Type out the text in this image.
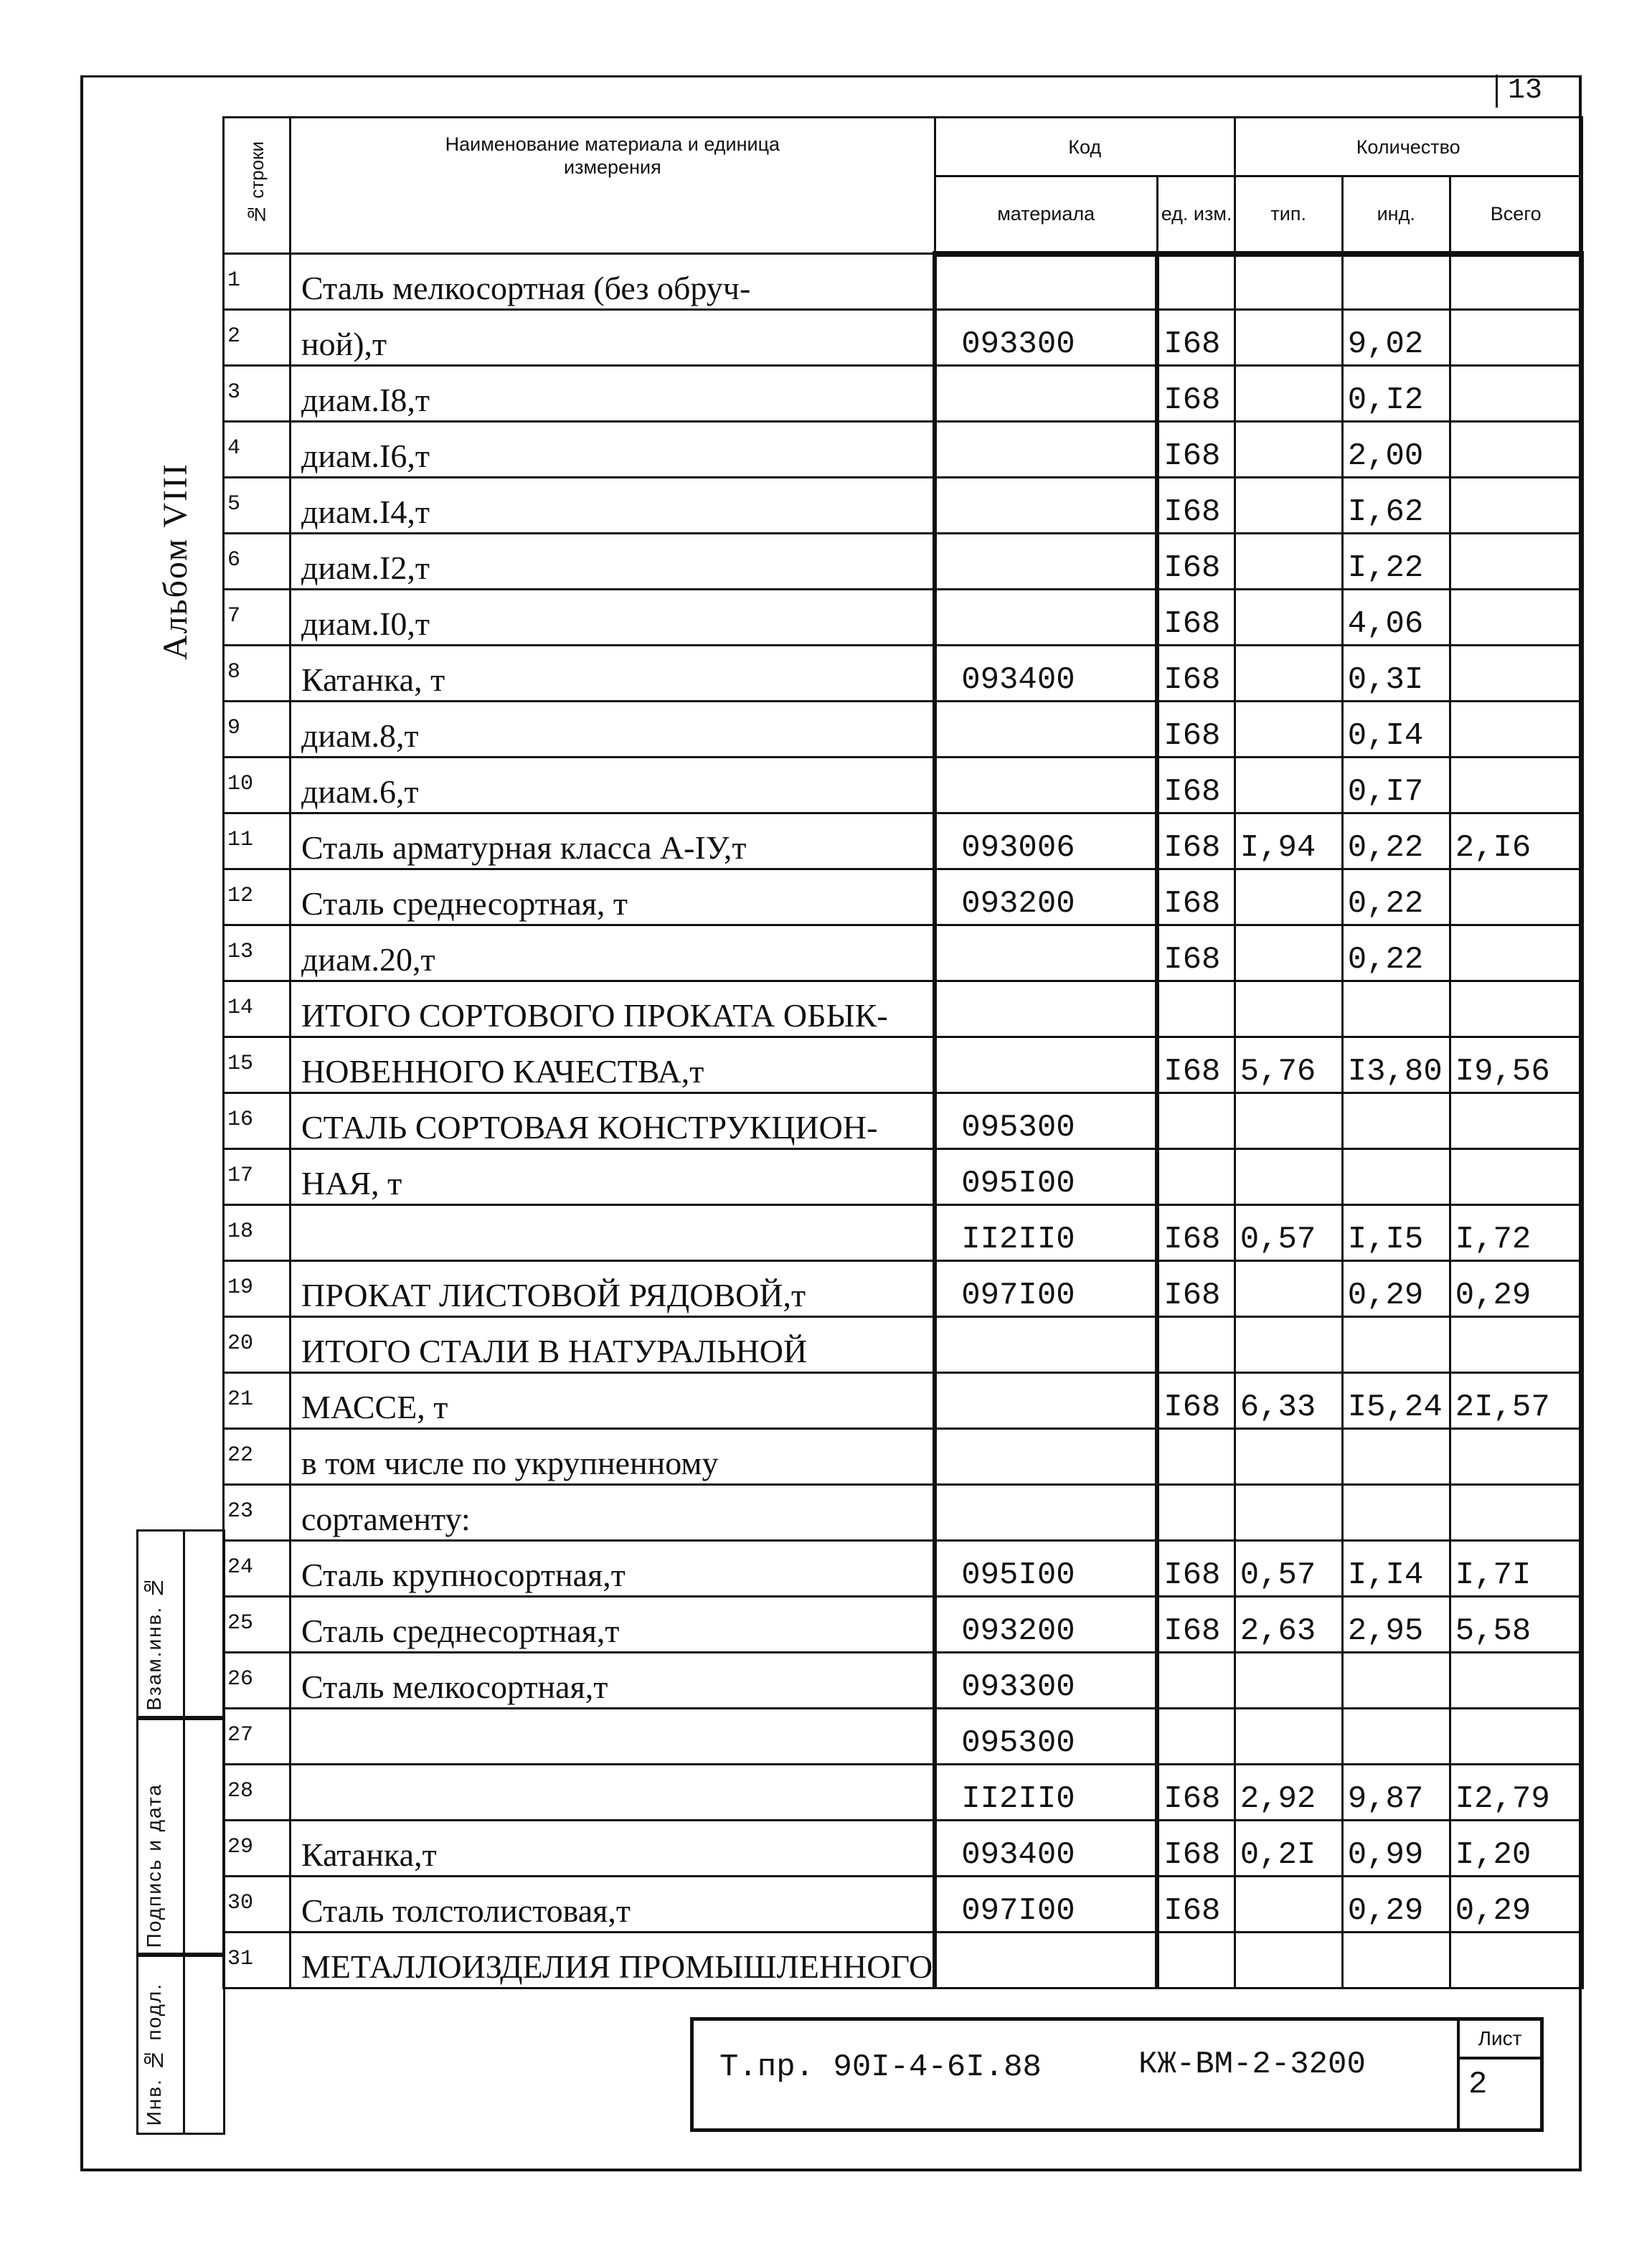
13
Альбом VIII
№ строки	Наименование материала и единица измерения	Код		Количество		
		материала	ед. изм.	тип.	инд.	Всего
1	Сталь мелкосортная (без обруч-					
2	ной),т	093300	I68		9,02	
3	диам.I8,т		I68		0,I2	
4	диам.I6,т		I68		2,00	
5	диам.I4,т		I68		I,62	
6	диам.I2,т		I68		I,22	
7	диам.I0,т		I68		4,06	
8	Катанка, т	093400	I68		0,3I	
9	диам.8,т		I68		0,I4	
10	диам.6,т		I68		0,I7	
11	Сталь арматурная класса А-IУ,т	093006	I68	I,94	0,22	2,I6
12	Сталь среднесортная, т	093200	I68		0,22	
13	диам.20,т		I68		0,22	
14	ИТОГО СОРТОВОГО ПРОКАТА ОБЫК-					
15	НОВЕННОГО КАЧЕСТВА,т		I68	5,76	I3,80	I9,56
16	СТАЛЬ СОРТОВАЯ КОНСТРУКЦИОН-	095300				
17	НАЯ, т	095I00				
18		II2II0	I68	0,57	I,I5	I,72
19	ПРОКАТ ЛИСТОВОЙ РЯДОВОЙ,т	097I00	I68		0,29	0,29
20	ИТОГО СТАЛИ В НАТУРАЛЬНОЙ					
21	МАССЕ, т		I68	6,33	I5,24	2I,57
22	в том числе по укрупненному					
23	сортаменту:					
24	Сталь крупносортная,т	095I00	I68	0,57	I,I4	I,7I
25	Сталь среднесортная,т	093200	I68	2,63	2,95	5,58
26	Сталь мелкосортная,т	093300				
27		095300				
28		II2II0	I68	2,92	9,87	I2,79
29	Катанка,т	093400	I68	0,2I	0,99	I,20
30	Сталь толстолистовая,т	097I00	I68		0,29	0,29
31	МЕТАЛЛОИЗДЕЛИЯ ПРОМЫШЛЕННОГО					
Взам.инв. №
Подпись и дата
Инв. № подл.	Т.пр. 90I-4-6I.88	КЖ-ВМ-2-3200
Лист
2
